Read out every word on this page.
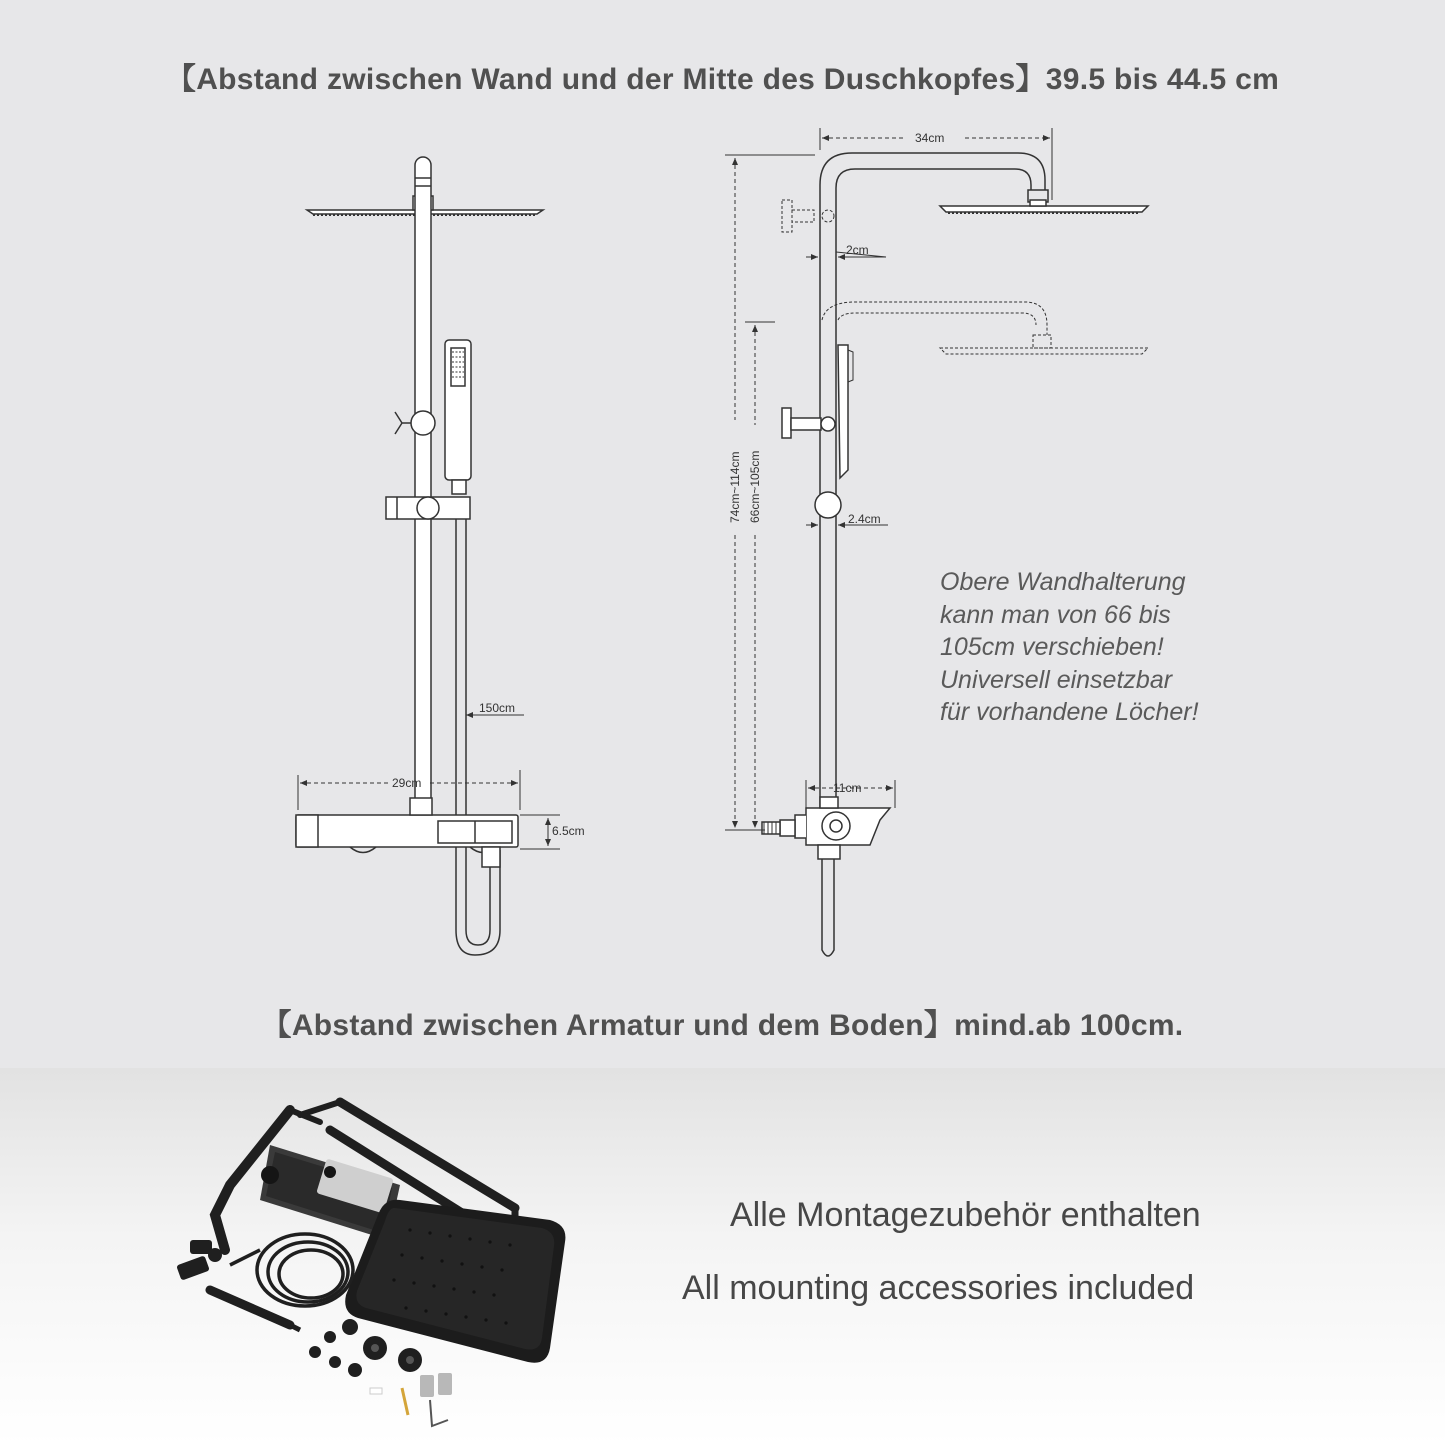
【Abstand zwischen Wand und der Mitte des Duschkopfes】39.5 bis 44.5 cm
150cm
29cm
6.5cm
34cm
2cm
2.4cm
11cm
74cm~114cm 66cm~105cm
Obere Wandhalterung
kann man von 66 bis
105cm verschieben!
Universell einsetzbar
für vorhandene Löcher!
【Abstand zwischen Armatur und dem Boden】mind.ab 100cm.
Alle Montagezubehör enthalten
All mounting accessories included
